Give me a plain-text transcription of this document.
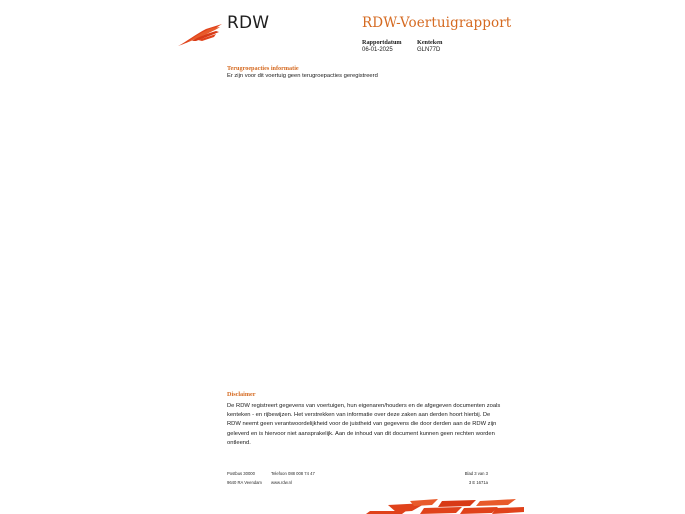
RDW	RDW-Voertuigrapport
Rapportdatum
06-01-2025
Kenteken
GLN77D
Terugroepacties informatie
Er zijn voor dit voertuig geen terugroepacties geregistreerd
Disclaimer
De RDW registreert gegevens van voertuigen, hun eigenaren/houders en de afgegeven documenten zoals
kenteken - en rijbewijzen. Het verstrekken van informatie over deze zaken aan derden hoort hierbij. De
RDW neemt geen verantwoordelijkheid voor de juistheid van gegevens die door derden aan de RDW zijn
geleverd en is hiervoor niet aansprakelijk. Aan de inhoud van dit document kunnen geen rechten worden
ontleend.
Postbus 30000
9640 RA Veendam
Telefoon 088 008 74 47
www.rdw.nl
Blad 3 van 3
3 E 1671a
